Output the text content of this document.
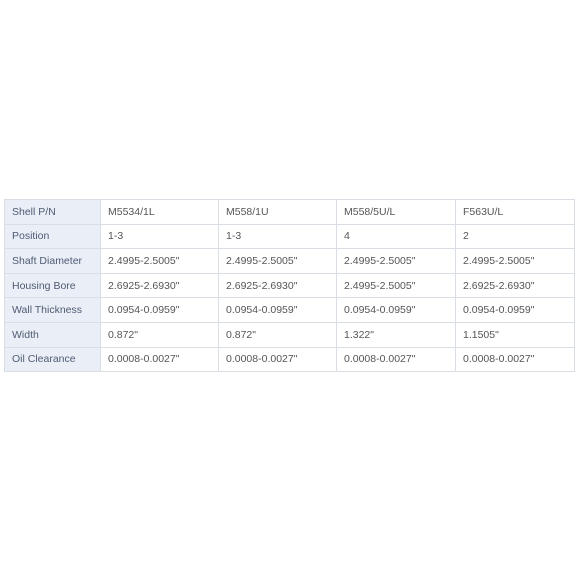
Shell P/N	M5534/1L	M558/1U	M558/5U/L	F563U/L
Position	1-3	1-3	4	2
Shaft Diameter	2.4995-2.5005"	2.4995-2.5005"	2.4995-2.5005"	2.4995-2.5005"
Housing Bore	2.6925-2.6930"	2.6925-2.6930"	2.4995-2.5005"	2.6925-2.6930"
Wall Thickness	0.0954-0.0959"	0.0954-0.0959"	0.0954-0.0959"	0.0954-0.0959"
Width	0.872"	0.872"	1.322"	1.1505"
Oil Clearance	0.0008-0.0027"	0.0008-0.0027"	0.0008-0.0027"	0.0008-0.0027"
